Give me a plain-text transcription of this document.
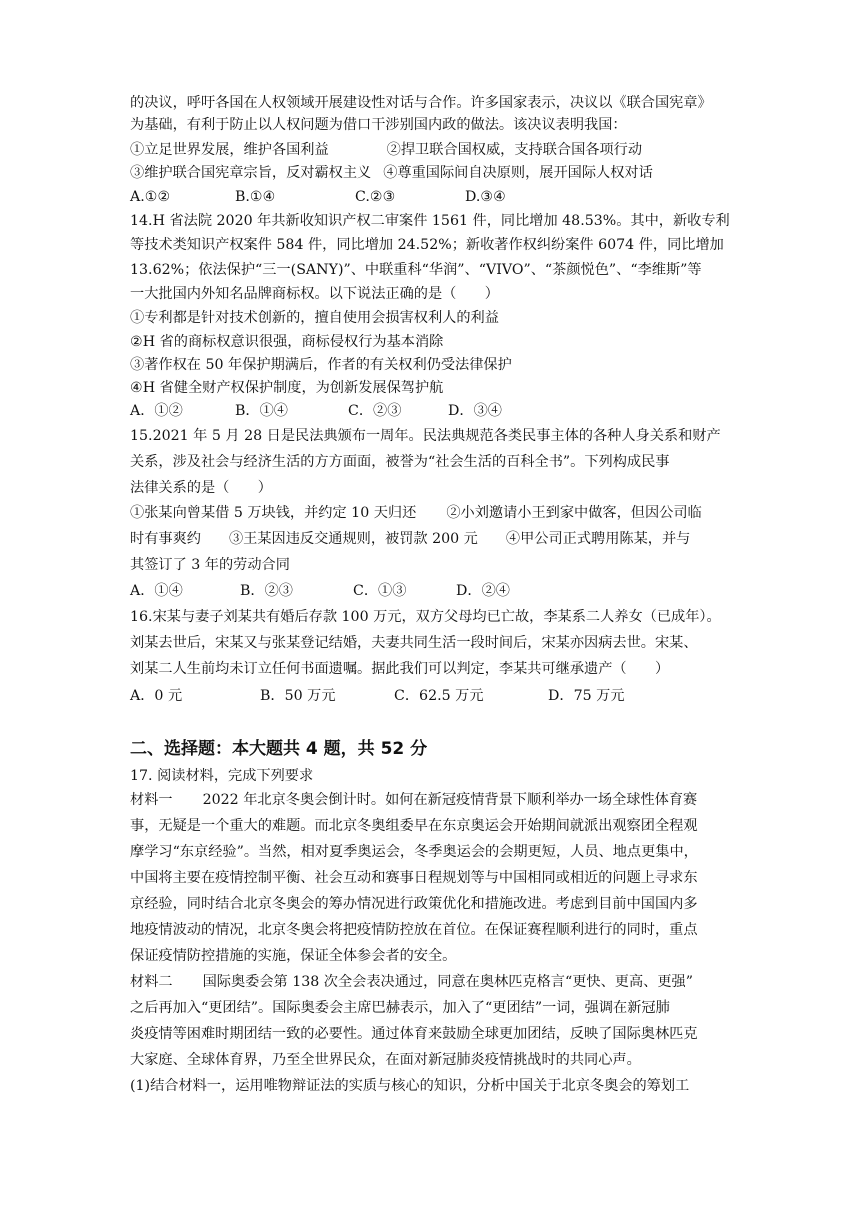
的决议，呼吁各国在人权领域开展建设性对话与合作。许多国家表示，决议以《联合国宪章》
为基础，有利于防止以人权问题为借口干涉别国内政的做法。该决议表明我国：
①立足世界发展，维护各国利益	②捍卫联合国权威，支持联合国各项行动
③维护联合国宪章宗旨，反对霸权主义 ④尊重国际间自决原则，展开国际人权对话
A.①②	B.①④	C.②③	D.③④
14.H 省法院 2020 年共新收知识产权二审案件 1561 件，同比增加 48.53%。其中，新收专利
等技术类知识产权案件 584 件，同比增加 24.52%；新收著作权纠纷案件 6074 件，同比增加
13.62%；依法保护“三一(SANY)”、中联重科“华润”、“VIVO”、“茶颜悦色”、“李维斯”等
一大批国内外知名品牌商标权。以下说法正确的是（　　）
①专利都是针对技术创新的，擅自使用会损害权利人的利益
②H 省的商标权意识很强，商标侵权行为基本消除
③著作权在 50 年保护期满后，作者的有关权利仍受法律保护
④H 省健全财产权保护制度，为创新发展保驾护航
A．①②	B．①④	C．②③	D．③④
15.2021 年 5 月 28 日是民法典颁布一周年。民法典规范各类民事主体的各种人身关系和财产
关系，涉及社会与经济生活的方方面面，被誉为“社会生活的百科全书”。下列构成民事
法律关系的是（　　）
①张某向曾某借 5 万块钱，并约定 10 天归还 ②小刘邀请小王到家中做客，但因公司临
时有事爽约 ③王某因违反交通规则，被罚款 200 元 ④甲公司正式聘用陈某，并与
其签订了 3 年的劳动合同
A．①④	B．②③	C．①③	D．②④
16.宋某与妻子刘某共有婚后存款 100 万元，双方父母均已亡故，李某系二人养女（已成年）。
刘某去世后，宋某又与张某登记结婚，夫妻共同生活一段时间后，宋某亦因病去世。宋某、
刘某二人生前均未订立任何书面遗嘱。据此我们可以判定，李某共可继承遗产（　　）
A．0 元	B．50 万元	C．62.5 万元	D．75 万元
二、选择题：本大题共 4 题，共 52 分
17. 阅读材料，完成下列要求
材料一 2022 年北京冬奥会倒计时。如何在新冠疫情背景下顺利举办一场全球性体育赛
事，无疑是一个重大的难题。而北京冬奥组委早在东京奥运会开始期间就派出观察团全程观
摩学习“东京经验”。当然，相对夏季奥运会，冬季奥运会的会期更短，人员、地点更集中，
中国将主要在疫情控制平衡、社会互动和赛事日程规划等与中国相同或相近的问题上寻求东
京经验，同时结合北京冬奥会的筹办情况进行政策优化和措施改进。考虑到目前中国国内多
地疫情波动的情况，北京冬奥会将把疫情防控放在首位。在保证赛程顺利进行的同时，重点
保证疫情防控措施的实施，保证全体参会者的安全。
材料二 国际奥委会第 138 次全会表决通过，同意在奥林匹克格言“更快、更高、更强”
之后再加入“更团结”。国际奥委会主席巴赫表示，加入了“更团结”一词，强调在新冠肺
炎疫情等困难时期团结一致的必要性。通过体育来鼓励全球更加团结，反映了国际奥林匹克
大家庭、全球体育界，乃至全世界民众，在面对新冠肺炎疫情挑战时的共同心声。
(1)结合材料一，运用唯物辩证法的实质与核心的知识，分析中国关于北京冬奥会的筹划工
